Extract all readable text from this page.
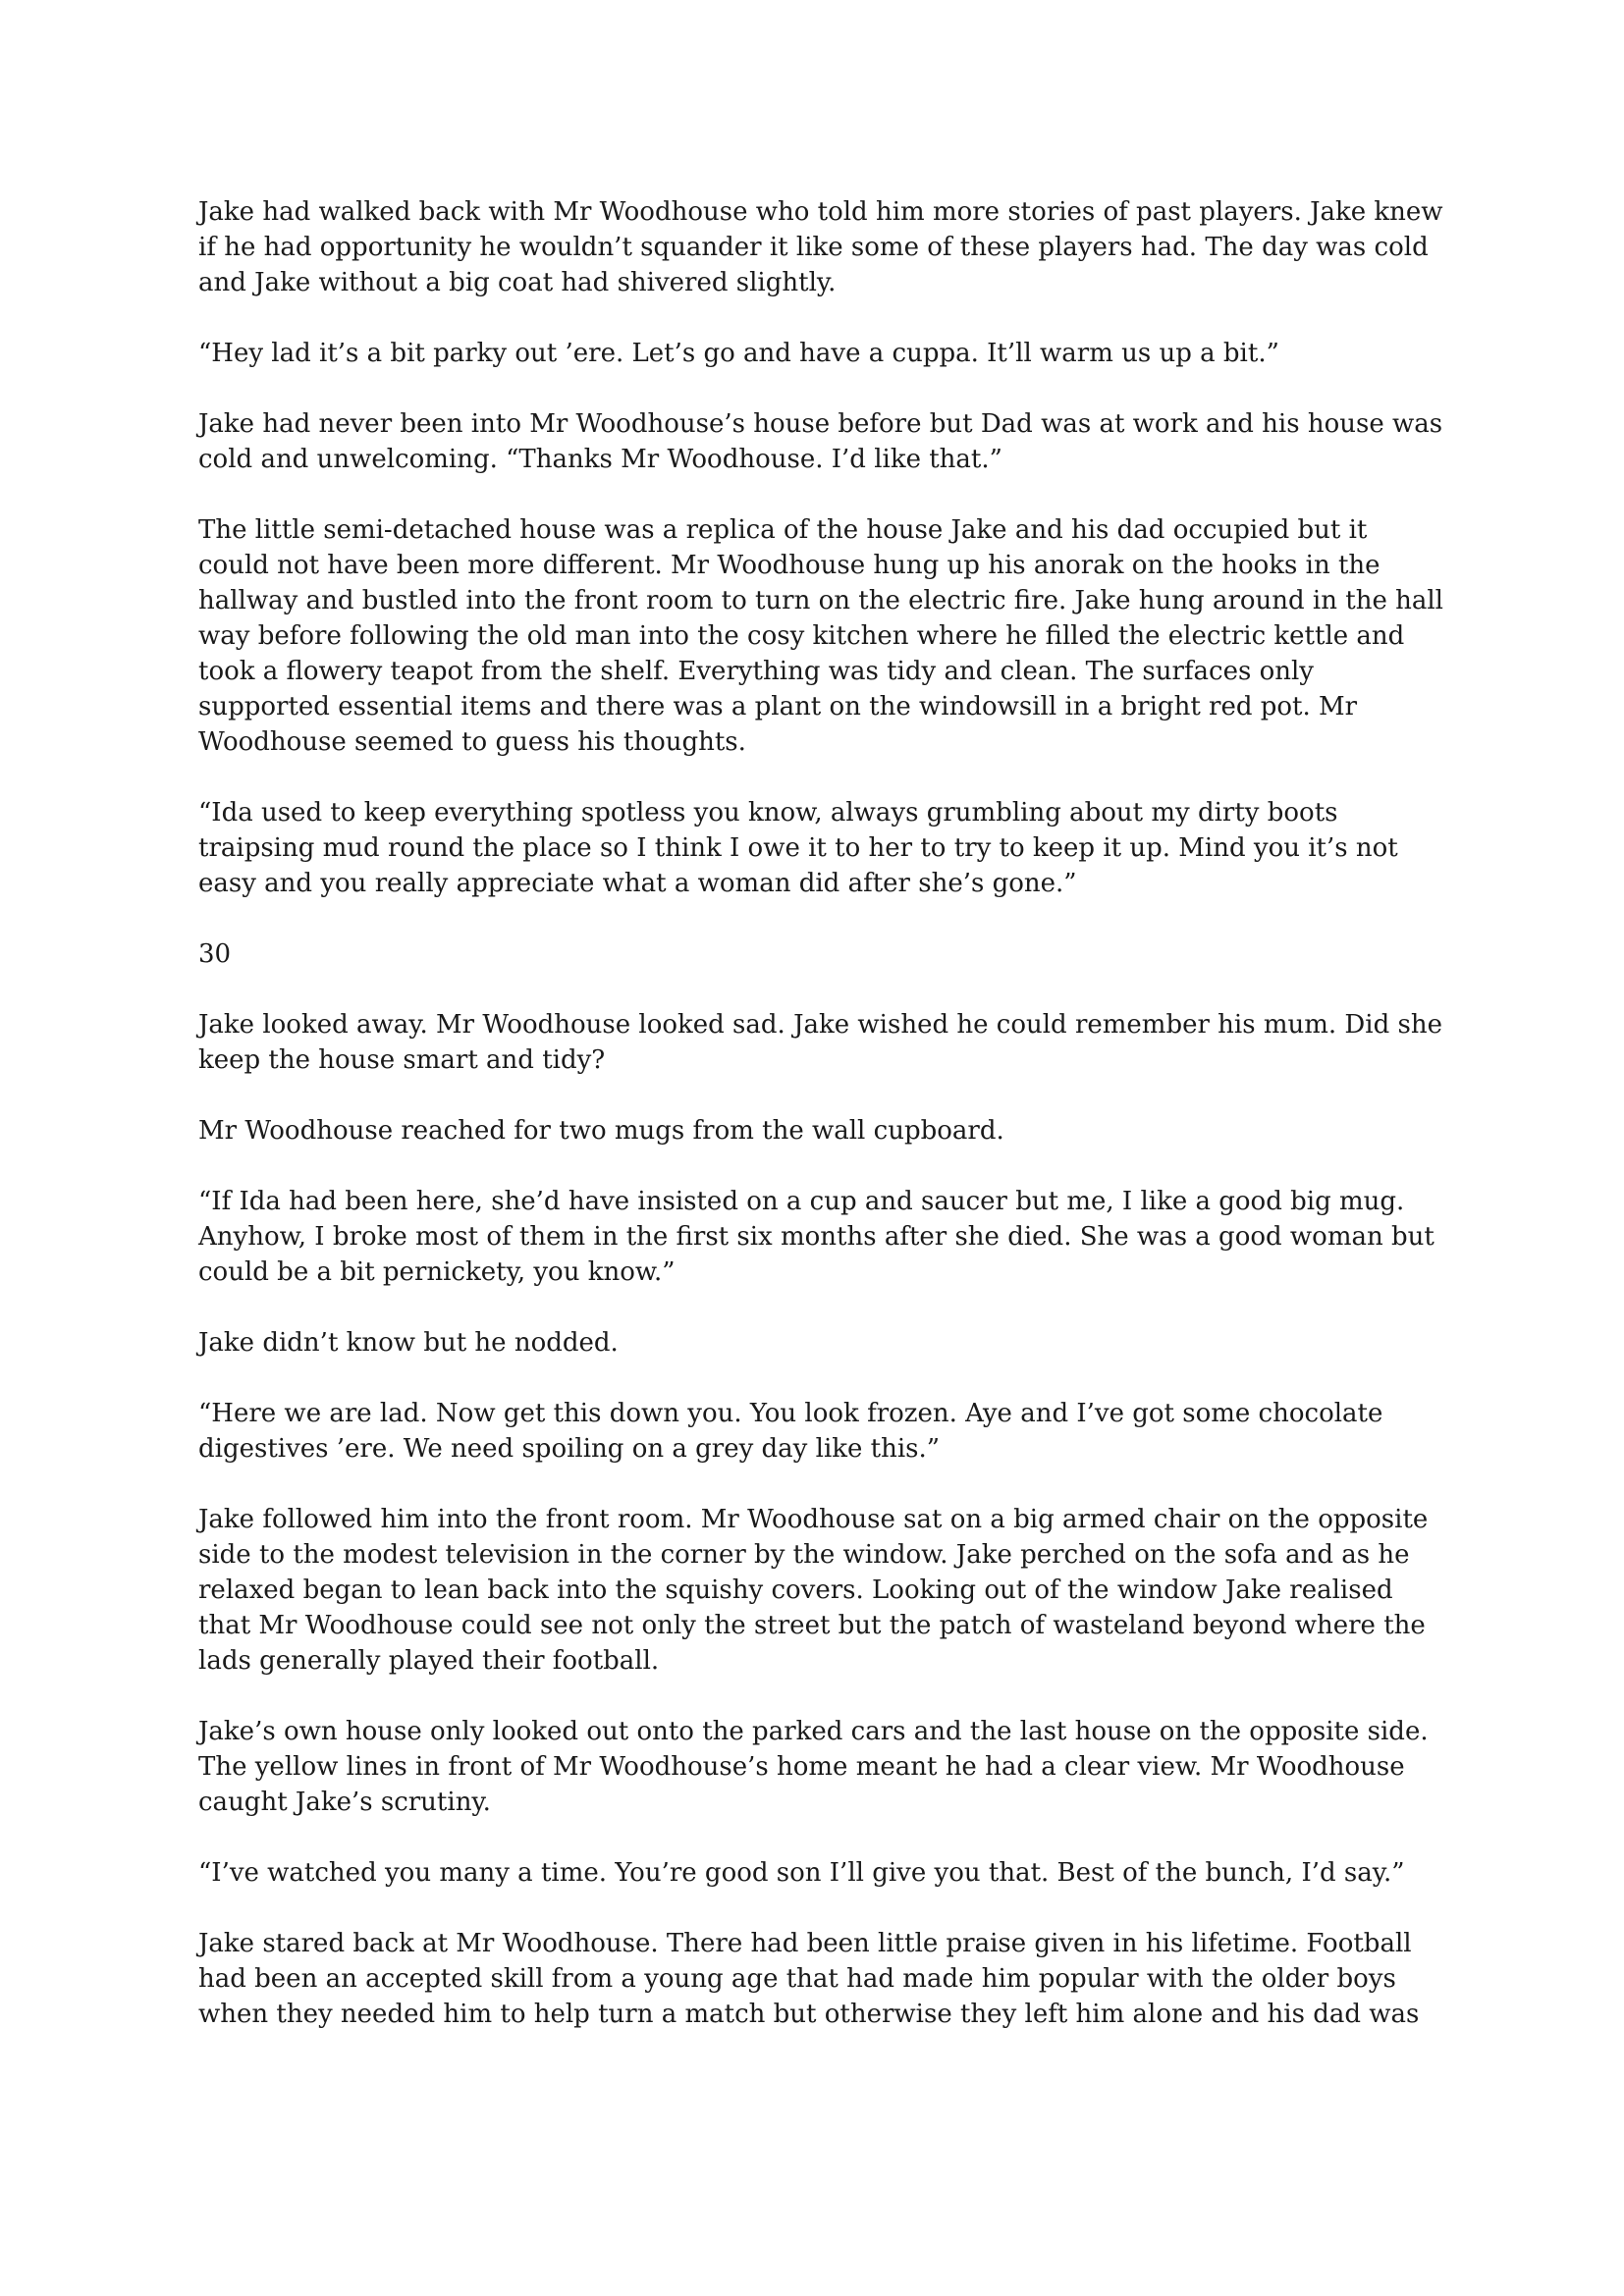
Jake had walked back with Mr Woodhouse who told him more stories of past players. Jake knew if he had opportunity he wouldn’t squander it like some of these players had. The day was cold and Jake without a big coat had shivered slightly.

“Hey lad it’s a bit parky out ’ere. Let’s go and have a cuppa. It’ll warm us up a bit.”

Jake had never been into Mr Woodhouse’s house before but Dad was at work and his house was cold and unwelcoming. “Thanks Mr Woodhouse. I’d like that.”

The little semi-detached house was a replica of the house Jake and his dad occupied but it could not have been more different. Mr Woodhouse hung up his anorak on the hooks in the hallway and bustled into the front room to turn on the electric fire. Jake hung around in the hall way before following the old man into the cosy kitchen where he filled the electric kettle and took a flowery teapot from the shelf. Everything was tidy and clean. The surfaces only supported essential items and there was a plant on the windowsill in a bright red pot. Mr Woodhouse seemed to guess his thoughts.

“Ida used to keep everything spotless you know, always grumbling about my dirty boots traipsing mud round the place so I think I owe it to her to try to keep it up. Mind you it’s not easy and you really appreciate what a woman did after she’s gone.”

30

Jake looked away. Mr Woodhouse looked sad. Jake wished he could remember his mum. Did she keep the house smart and tidy?

Mr Woodhouse reached for two mugs from the wall cupboard.

“If Ida had been here, she’d have insisted on a cup and saucer but me, I like a good big mug. Anyhow, I broke most of them in the first six months after she died. She was a good woman but could be a bit pernickety, you know.”

Jake didn’t know but he nodded.

“Here we are lad. Now get this down you. You look frozen. Aye and I’ve got some chocolate digestives ’ere. We need spoiling on a grey day like this.”

Jake followed him into the front room. Mr Woodhouse sat on a big armed chair on the opposite side to the modest television in the corner by the window. Jake perched on the sofa and as he relaxed began to lean back into the squishy covers. Looking out of the window Jake realised that Mr Woodhouse could see not only the street but the patch of wasteland beyond where the lads generally played their football.

Jake’s own house only looked out onto the parked cars and the last house on the opposite side. The yellow lines in front of Mr Woodhouse’s home meant he had a clear view. Mr Woodhouse caught Jake’s scrutiny.

“I’ve watched you many a time. You’re good son I’ll give you that. Best of the bunch, I’d say.”

Jake stared back at Mr Woodhouse. There had been little praise given in his lifetime. Football had been an accepted skill from a young age that had made him popular with the older boys when they needed him to help turn a match but otherwise they left him alone and his dad was
